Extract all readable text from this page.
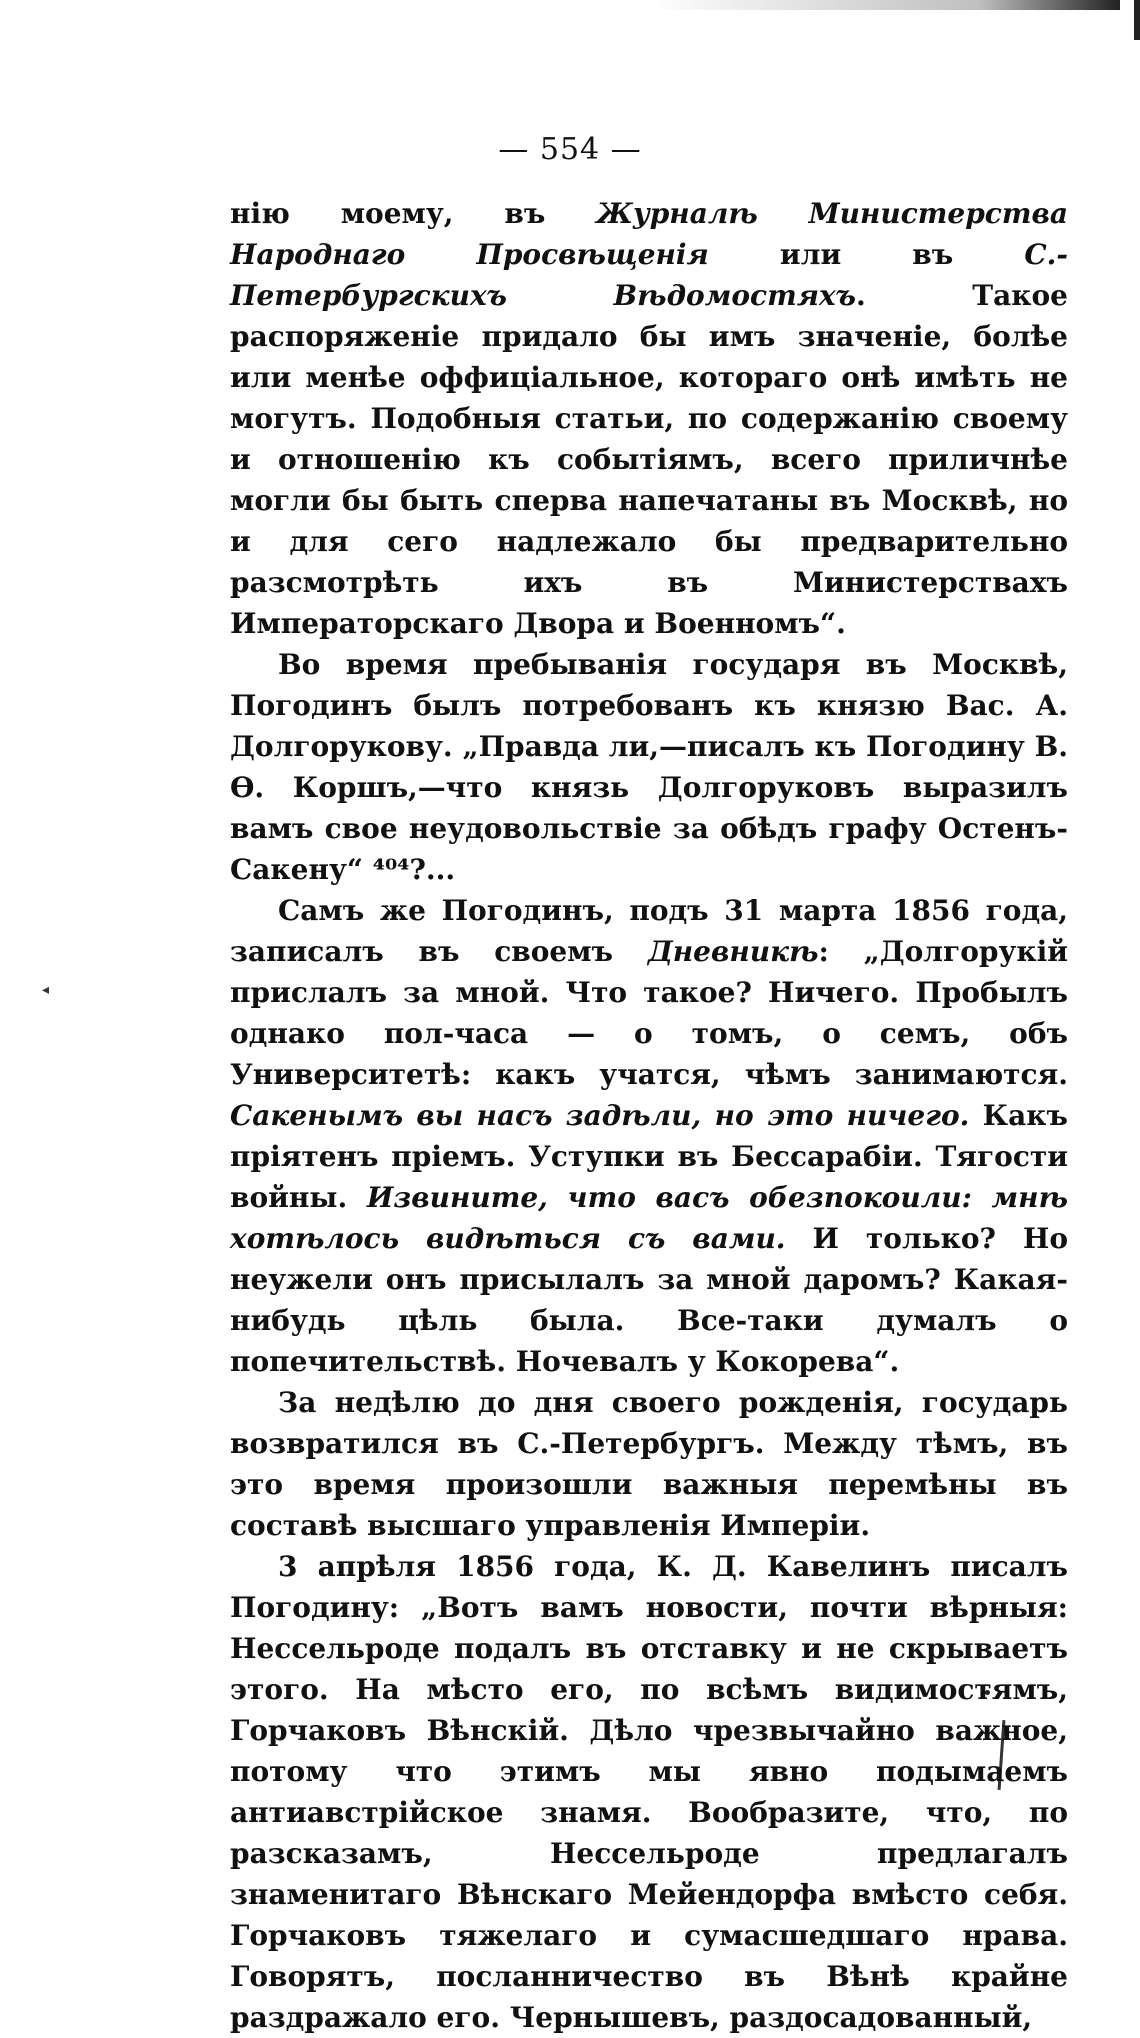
◂
— 554 —

нію моему, въ Журналѣ Министерства Народнаго Просвѣщенія или въ С.-Петербургскихъ Вѣдомостяхъ. Такое распоряженіе придало бы имъ значеніе, болѣе или менѣе оффиціальное, котораго онѣ имѣть не могутъ. Подобныя статьи, по содержанію своему и отношенію къ событіямъ, всего приличнѣе могли бы быть сперва напечатаны въ Москвѣ, но и для сего надлежало бы предварительно разсмотрѣть ихъ въ Министерствахъ Императорскаго Двора и Военномъ“.

Во время пребыванія государя въ Москвѣ, Погодинъ былъ потребованъ къ князю Вас. А. Долгорукову. „Правда ли,—писалъ къ Погодину В. Ѳ. Коршъ,—что князь Долгоруковъ выразилъ вамъ свое неудовольствіе за обѣдъ графу Остенъ-Сакену“ ⁴⁰⁴?...

Самъ же Погодинъ, подъ 31 марта 1856 года, записалъ въ своемъ Дневникѣ: „Долгорукій прислалъ за мной. Что такое? Ничего. Пробылъ однако пол-часа — о томъ, о семъ, объ Университетѣ: какъ учатся, чѣмъ занимаются. Сакенымъ вы насъ задѣли, но это ничего. Какъ пріятенъ пріемъ. Уступки въ Бессарабіи. Тягости войны. Извините, что васъ обезпокоили: мнѣ хотѣлось видѣться съ вами. И только? Но неужели онъ присылалъ за мной даромъ? Какая-нибудь цѣль была. Все-таки думалъ о попечительствѣ. Ночевалъ у Кокорева“.

За недѣлю до дня своего рожденія, государь возвратился въ С.-Петербургъ. Между тѣмъ, въ это время произошли важныя перемѣны въ составѣ высшаго управленія Имперіи.

3 апрѣля 1856 года, К. Д. Кавелинъ писалъ Погодину: „Вотъ вамъ новости, почти вѣрныя: Нессельроде подалъ въ отставку и не скрываетъ этого. На мѣсто его, по всѣмъ видимостямъ, Горчаковъ Вѣнскій. Дѣло чрезвычайно важное, потому что этимъ мы явно подымаемъ антиавстрійское знамя. Вообразите, что, по разсказамъ, Нессельроде предлагалъ знаменитаго Вѣнскаго Мейендорфа вмѣсто себя. Горчаковъ тяжелаго и сумасшедшаго нрава. Говорятъ, посланничество въ Вѣнѣ крайне раздражало его. Чернышевъ, раздосадованный,
